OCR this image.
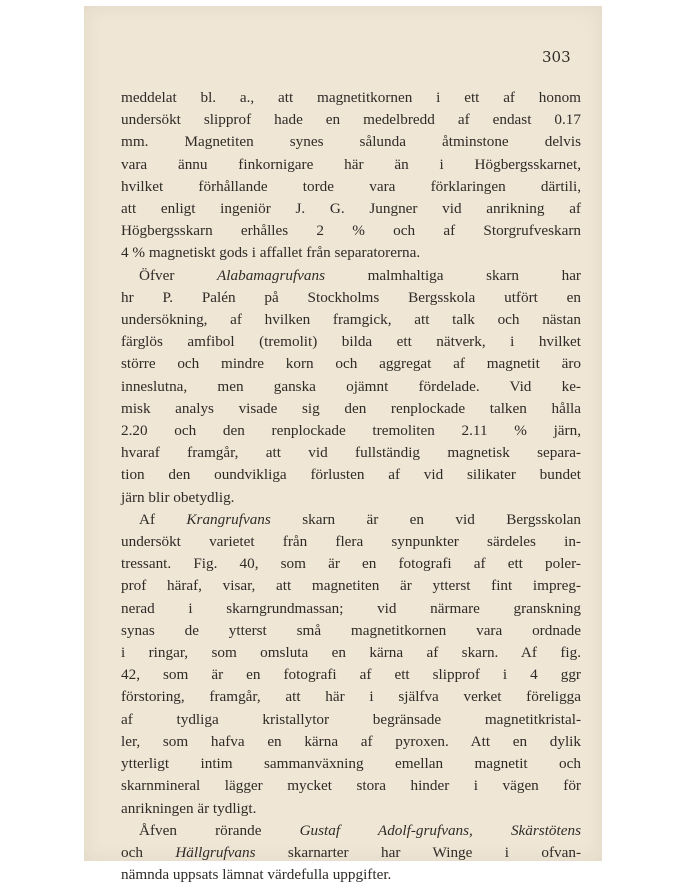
303
meddelat bl. a., att magnetitkornen i ett af honom
undersökt slipprof hade en medelbredd af endast 0.17
mm. Magnetiten synes sålunda åtminstone delvis
vara ännu finkornigare här än i Högbergsskarnet,
hvilket förhållande torde vara förklaringen därtili,
att enligt ingeniör J. G. Jungner vid anrikning af
Högbergsskarn erhålles 2 % och af Storgrufveskarn
4 % magnetiskt gods i affallet från separatorerna.
Öfver Alabamagrufvans malmhaltiga skarn har
hr P. Palén på Stockholms Bergsskola utfört en
undersökning, af hvilken framgick, att talk och nästan
färglös amfibol (tremolit) bilda ett nätverk, i hvilket
större och mindre korn och aggregat af magnetit äro
inneslutna, men ganska ojämnt fördelade. Vid ke-
misk analys visade sig den renplockade talken hålla
2.20 och den renplockade tremoliten 2.11 % järn,
hvaraf framgår, att vid fullständig magnetisk separa-
tion den oundvikliga förlusten af vid silikater bundet
järn blir obetydlig.
Af Krangrufvans skarn är en vid Bergsskolan
undersökt varietet från flera synpunkter särdeles in-
tressant. Fig. 40, som är en fotografi af ett poler-
prof häraf, visar, att magnetiten är ytterst fint impreg-
nerad i skarngrundmassan; vid närmare granskning
synas de ytterst små magnetitkornen vara ordnade
i ringar, som omsluta en kärna af skarn. Af fig.
42, som är en fotografi af ett slipprof i 4 ggr
förstoring, framgår, att här i själfva verket föreligga
af tydliga kristallytor begränsade magnetitkristal-
ler, som hafva en kärna af pyroxen. Att en dylik
ytterligt intim sammanväxning emellan magnetit och
skarnmineral lägger mycket stora hinder i vägen för
anrikningen är tydligt.
Åfven rörande Gustaf Adolf-grufvans, Skärstötens
och Hällgrufvans skarnarter har Winge i ofvan-
nämnda uppsats lämnat värdefulla uppgifter.
